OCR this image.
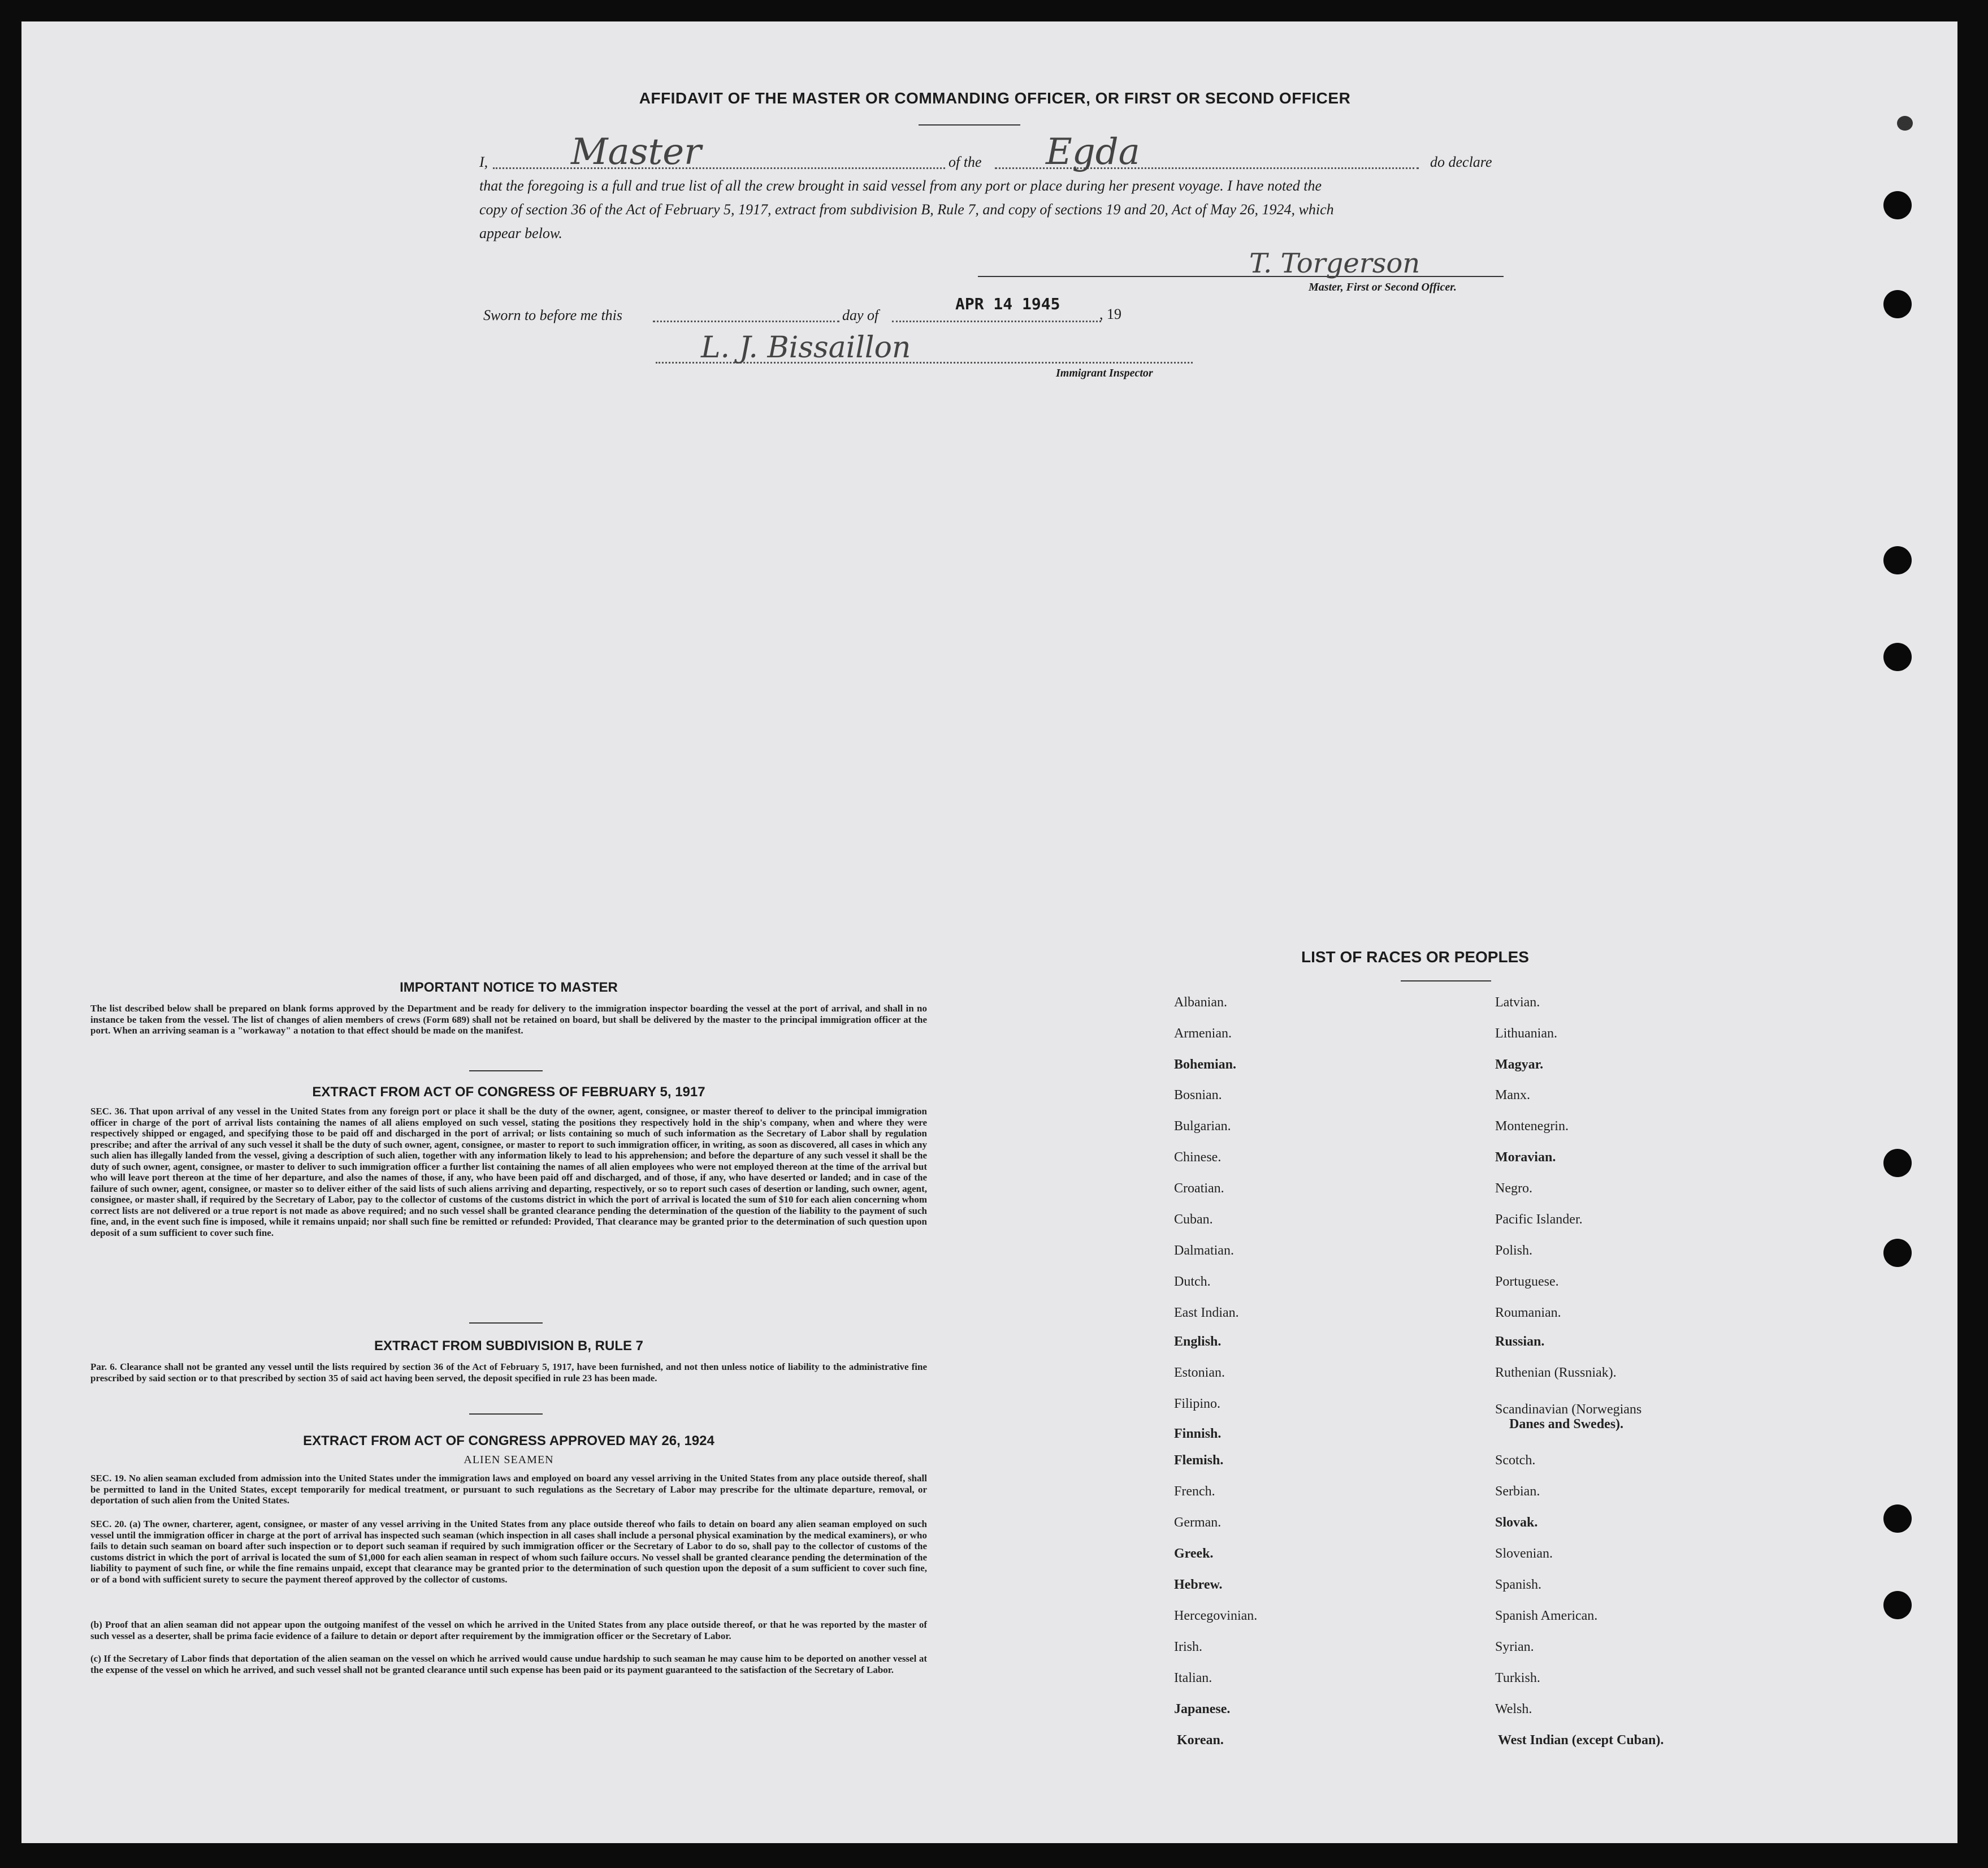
AFFIDAVIT OF THE MASTER OR COMMANDING OFFICER, OR FIRST OR SECOND OFFICER
I, Master	of the Egda	do declare
that the foregoing is a full and true list of all the crew brought in said vessel from any port or place during her present voyage. I have noted the
copy of section 36 of the Act of February 5, 1917, extract from subdivision B, Rule 7, and copy of sections 19 and 20, Act of May 26, 1924, which
appear below.
T. Torgerson
Master, First or Second Officer.
Sworn to before me this	day of
APR 14 1945
, 19
L. J. Bissaillon
Immigrant Inspector
IMPORTANT NOTICE TO MASTER
The list described below shall be prepared on blank forms approved by the Department and be ready for delivery to the immigration inspector boarding the vessel at the port of arrival, and shall in no instance be taken from the vessel. The list of changes of alien members of crews (Form 689) shall not be retained on board, but shall be delivered by the master to the principal immigration officer at the port. When an arriving seaman is a "workaway" a notation to that effect should be made on the manifest.
EXTRACT FROM ACT OF CONGRESS OF FEBRUARY 5, 1917
SEC. 36. That upon arrival of any vessel in the United States from any foreign port or place it shall be the duty of the owner, agent, consignee, or master thereof to deliver to the principal immigration officer in charge of the port of arrival lists containing the names of all aliens employed on such vessel, stating the positions they respectively hold in the ship's company, when and where they were respectively shipped or engaged, and specifying those to be paid off and discharged in the port of arrival; or lists containing so much of such information as the Secretary of Labor shall by regulation prescribe; and after the arrival of any such vessel it shall be the duty of such owner, agent, consignee, or master to report to such immigration officer, in writing, as soon as discovered, all cases in which any such alien has illegally landed from the vessel, giving a description of such alien, together with any information likely to lead to his apprehension; and before the departure of any such vessel it shall be the duty of such owner, agent, consignee, or master to deliver to such immigration officer a further list containing the names of all alien employees who were not employed thereon at the time of the arrival but who will leave port thereon at the time of her departure, and also the names of those, if any, who have been paid off and discharged, and of those, if any, who have deserted or landed; and in case of the failure of such owner, agent, consignee, or master so to deliver either of the said lists of such aliens arriving and departing, respectively, or so to report such cases of desertion or landing, such owner, agent, consignee, or master shall, if required by the Secretary of Labor, pay to the collector of customs of the customs district in which the port of arrival is located the sum of $10 for each alien concerning whom correct lists are not delivered or a true report is not made as above required; and no such vessel shall be granted clearance pending the determination of the question of the liability to the payment of such fine, and, in the event such fine is imposed, while it remains unpaid; nor shall such fine be remitted or refunded: Provided, That clearance may be granted prior to the determination of such question upon deposit of a sum sufficient to cover such fine.
EXTRACT FROM SUBDIVISION B, RULE 7
Par. 6. Clearance shall not be granted any vessel until the lists required by section 36 of the Act of February 5, 1917, have been furnished, and not then unless notice of liability to the administrative fine prescribed by said section or to that prescribed by section 35 of said act having been served, the deposit specified in rule 23 has been made.
EXTRACT FROM ACT OF CONGRESS APPROVED MAY 26, 1924
ALIEN SEAMEN
SEC. 19. No alien seaman excluded from admission into the United States under the immigration laws and employed on board any vessel arriving in the United States from any place outside thereof, shall be permitted to land in the United States, except temporarily for medical treatment, or pursuant to such regulations as the Secretary of Labor may prescribe for the ultimate departure, removal, or deportation of such alien from the United States.
SEC. 20. (a) The owner, charterer, agent, consignee, or master of any vessel arriving in the United States from any place outside thereof who fails to detain on board any alien seaman employed on such vessel until the immigration officer in charge at the port of arrival has inspected such seaman (which inspection in all cases shall include a personal physical examination by the medical examiners), or who fails to detain such seaman on board after such inspection or to deport such seaman if required by such immigration officer or the Secretary of Labor to do so, shall pay to the collector of customs of the customs district in which the port of arrival is located the sum of $1,000 for each alien seaman in respect of whom such failure occurs. No vessel shall be granted clearance pending the determination of the liability to payment of such fine, or while the fine remains unpaid, except that clearance may be granted prior to the determination of such question upon the deposit of a sum sufficient to cover such fine, or of a bond with sufficient surety to secure the payment thereof approved by the collector of customs.
(b) Proof that an alien seaman did not appear upon the outgoing manifest of the vessel on which he arrived in the United States from any place outside thereof, or that he was reported by the master of such vessel as a deserter, shall be prima facie evidence of a failure to detain or deport after requirement by the immigration officer or the Secretary of Labor.
(c) If the Secretary of Labor finds that deportation of the alien seaman on the vessel on which he arrived would cause undue hardship to such seaman he may cause him to be deported on another vessel at the expense of the vessel on which he arrived, and such vessel shall not be granted clearance until such expense has been paid or its payment guaranteed to the satisfaction of the Secretary of Labor.
LIST OF RACES OR PEOPLES
Albanian.
Armenian.
Bohemian.
Bosnian.
Bulgarian.
Chinese.
Croatian.
Cuban.
Dalmatian.
Dutch.
East Indian.
English.
Estonian.
Filipino.
Finnish.
Flemish.
French.
German.
Greek.
Hebrew.
Hercegovinian.
Irish.
Italian.
Japanese.
Korean.
Latvian.
Lithuanian.
Magyar.
Manx.
Montenegrin.
Moravian.
Negro.
Pacific Islander.
Polish.
Portuguese.
Roumanian.
Russian.
Ruthenian (Russniak).
Scandinavian (Norwegians
Danes and Swedes).
Scotch.
Serbian.
Slovak.
Slovenian.
Spanish.
Spanish American.
Syrian.
Turkish.
Welsh.
West Indian (except Cuban).
